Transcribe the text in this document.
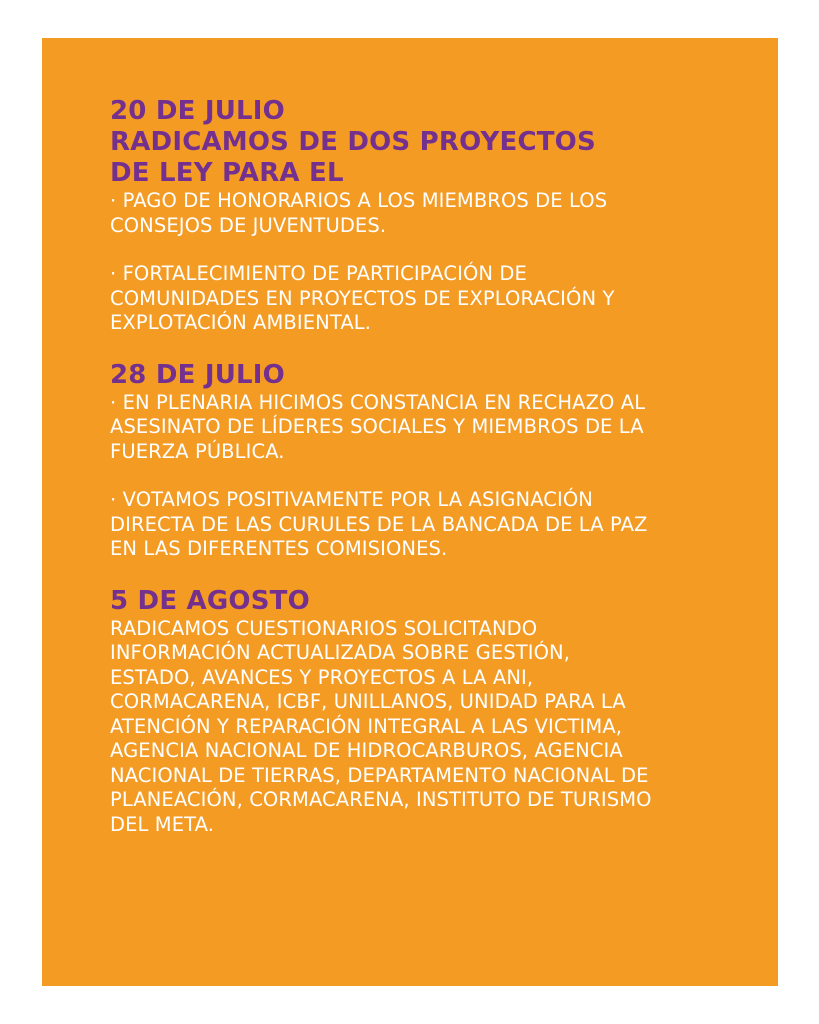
20 DE JULIO
RADICAMOS DE DOS PROYECTOS
DE LEY PARA EL

· PAGO DE HONORARIOS A LOS MIEMBROS DE LOS
CONSEJOS DE JUVENTUDES.

· FORTALECIMIENTO DE PARTICIPACIÓN DE
COMUNIDADES EN PROYECTOS DE EXPLORACIÓN Y
EXPLOTACIÓN AMBIENTAL.

28 DE JULIO

· EN PLENARIA HICIMOS CONSTANCIA EN RECHAZO AL
ASESINATO DE LÍDERES SOCIALES Y MIEMBROS DE LA
FUERZA PÚBLICA.

· VOTAMOS POSITIVAMENTE POR LA ASIGNACIÓN
DIRECTA DE LAS CURULES DE LA BANCADA DE LA PAZ
EN LAS DIFERENTES COMISIONES.

5 DE AGOSTO

RADICAMOS CUESTIONARIOS SOLICITANDO
INFORMACIÓN ACTUALIZADA SOBRE GESTIÓN,
ESTADO, AVANCES Y PROYECTOS A LA ANI,
CORMACARENA, ICBF, UNILLANOS, UNIDAD PARA LA
ATENCIÓN Y REPARACIÓN INTEGRAL A LAS VICTIMA,
AGENCIA NACIONAL DE HIDROCARBUROS, AGENCIA
NACIONAL DE TIERRAS, DEPARTAMENTO NACIONAL DE
PLANEACIÓN, CORMACARENA, INSTITUTO DE TURISMO
DEL META.
